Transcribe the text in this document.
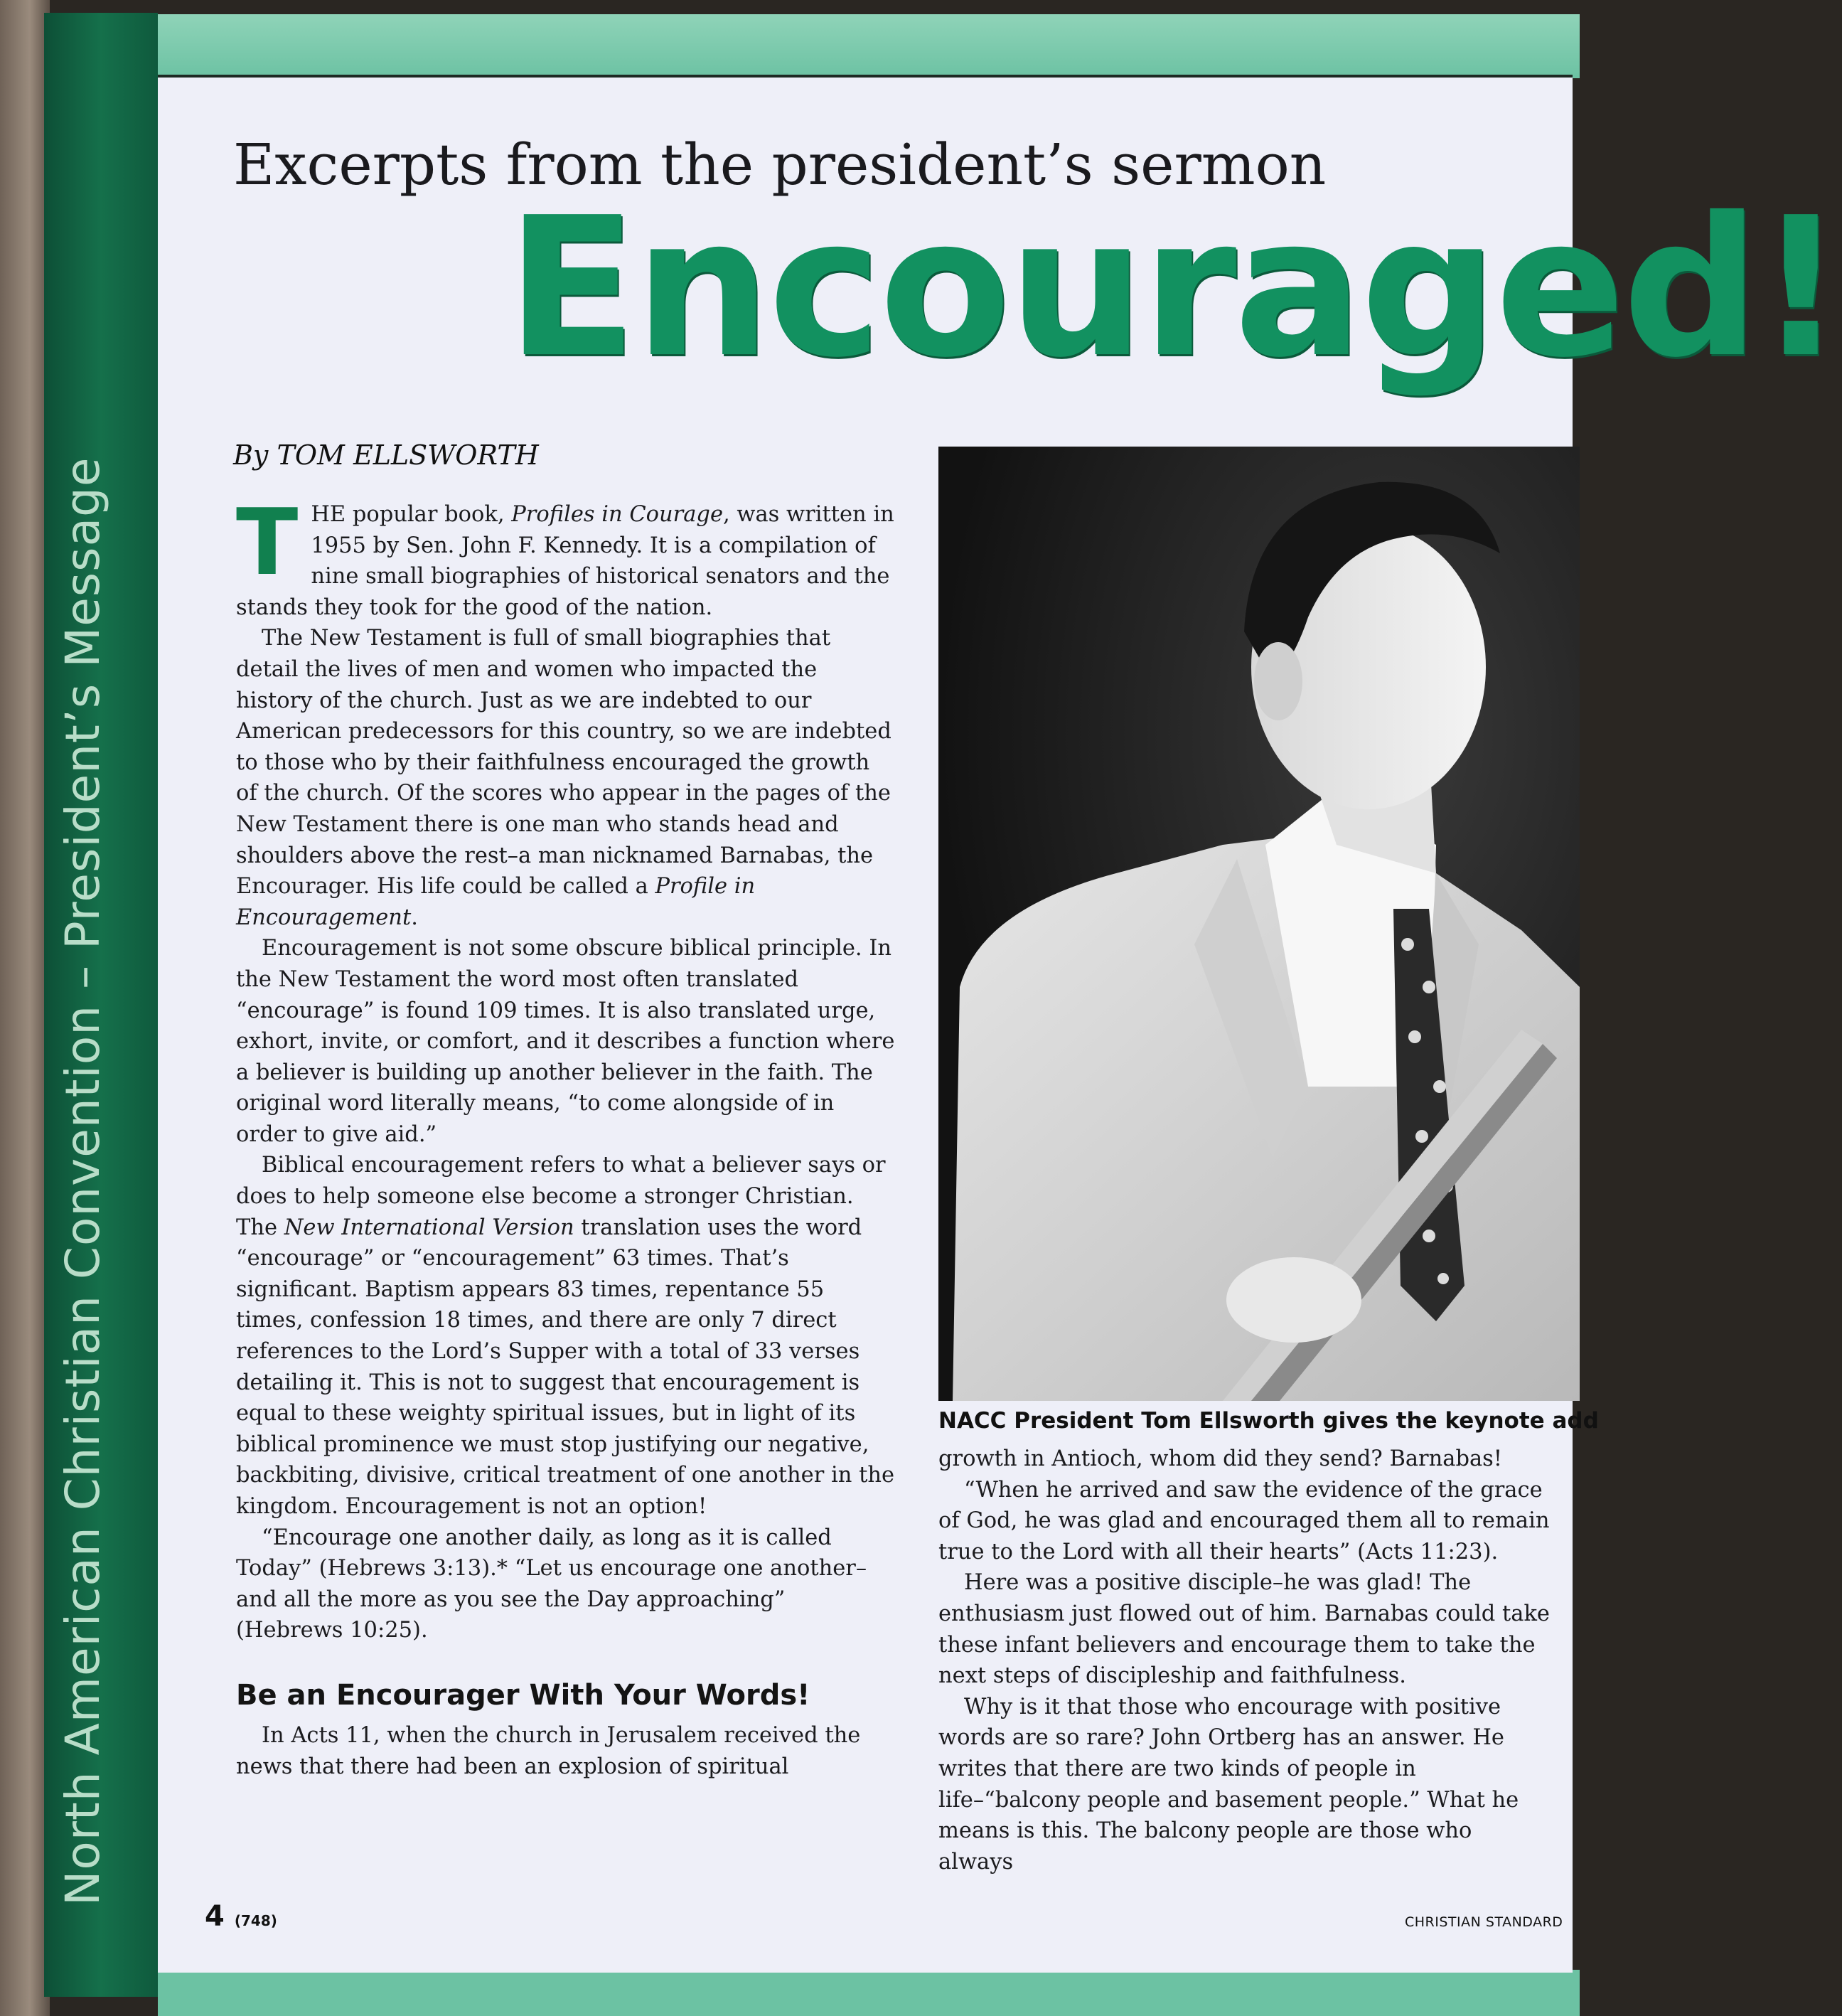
North American Christian Convention – President’s Message
Excerpts from the president’s sermon
Encouraged!
By TOM ELLSWORTH

THE popular book, Profiles in Courage, was written in 1955 by Sen. John F. Kennedy. It is a compilation of nine small biographies of historical senators and the stands they took for the good of the nation.

The New Testament is full of small biographies that detail the lives of men and women who impacted the history of the church. Just as we are indebted to our American predecessors for this country, so we are indebted to those who by their faithfulness encouraged the growth of the church. Of the scores who appear in the pages of the New Testament there is one man who stands head and shoulders above the rest–a man nicknamed Barnabas, the Encourager. His life could be called a Profile in Encouragement.

Encouragement is not some obscure biblical principle. In the New Testament the word most often translated “encourage” is found 109 times. It is also translated urge, exhort, invite, or comfort, and it describes a function where a believer is building up another believer in the faith. The original word literally means, “to come alongside of in order to give aid.”

Biblical encouragement refers to what a believer says or does to help someone else become a stronger Christian. The New International Version translation uses the word “encourage” or “encouragement” 63 times. That’s significant. Baptism appears 83 times, repentance 55 times, confession 18 times, and there are only 7 direct references to the Lord’s Supper with a total of 33 verses detailing it. This is not to suggest that encouragement is equal to these weighty spiritual issues, but in light of its biblical prominence we must stop justifying our negative, backbiting, divisive, critical treatment of one another in the kingdom. Encouragement is not an option!

“Encourage one another daily, as long as it is called Today” (Hebrews 3:13).* “Let us encourage one another–and all the more as you see the Day approaching” (Hebrews 10:25).

Be an Encourager With Your Words!

In Acts 11, when the church in Jerusalem received the news that there had been an explosion of spiritual

NACC President Tom Ellsworth gives the keynote add

growth in Antioch, whom did they send? Barnabas!

“When he arrived and saw the evidence of the grace of God, he was glad and encouraged them all to remain true to the Lord with all their hearts” (Acts 11:23).

Here was a positive disciple–he was glad! The enthusiasm just flowed out of him. Barnabas could take these infant believers and encourage them to take the next steps of discipleship and faithfulness.

Why is it that those who encourage with positive words are so rare? John Ortberg has an answer. He writes that there are two kinds of people in life–“balcony people and basement people.” What he means is this. The balcony people are those who always

4 (748)	CHRISTIAN STANDARD
